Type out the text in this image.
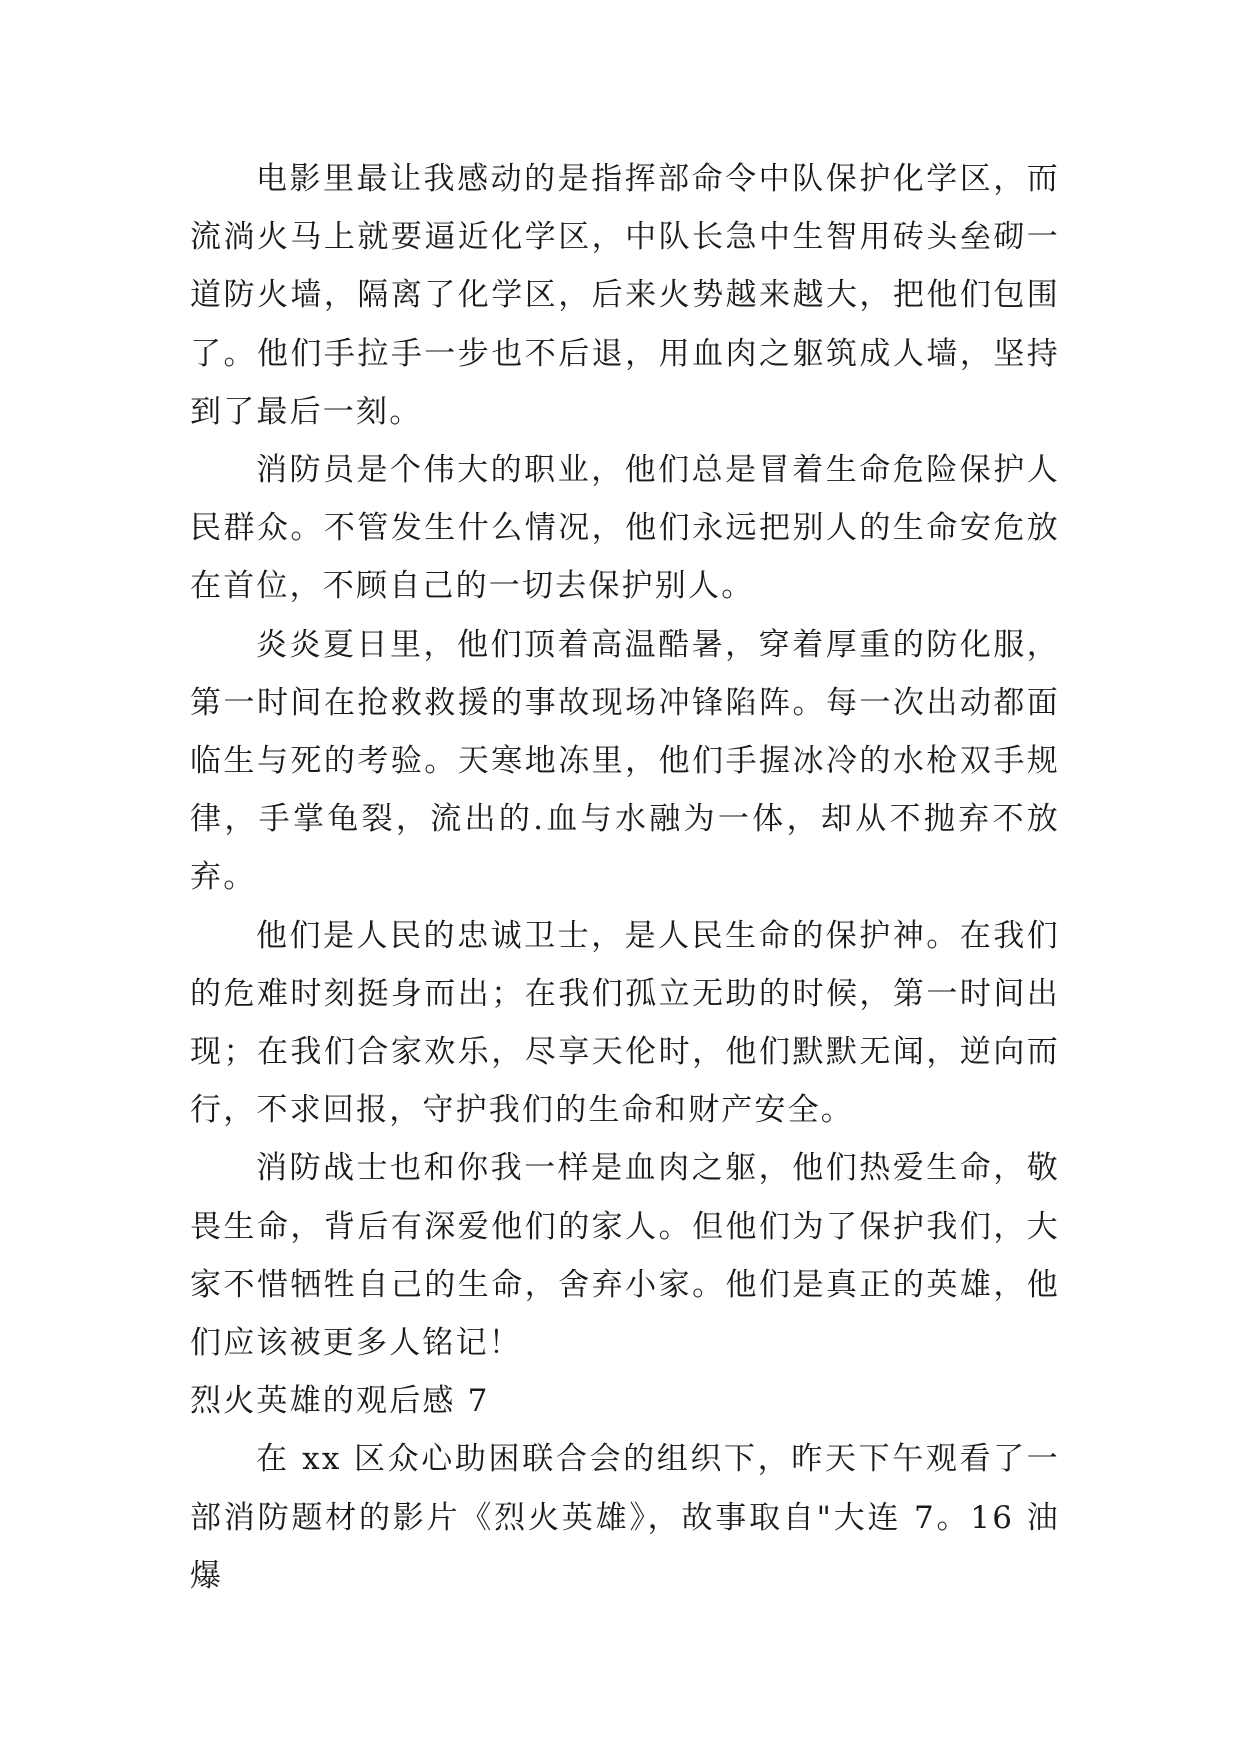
电影里最让我感动的是指挥部命令中队保护化学区，而流淌火马上就要逼近化学区，中队长急中生智用砖头垒砌一道防火墙，隔离了化学区，后来火势越来越大，把他们包围了。他们手拉手一步也不后退，用血肉之躯筑成人墙，坚持到了最后一刻。

消防员是个伟大的职业，他们总是冒着生命危险保护人民群众。不管发生什么情况，他们永远把别人的生命安危放在首位，不顾自己的一切去保护别人。

炎炎夏日里，他们顶着高温酷暑，穿着厚重的防化服，第一时间在抢救救援的事故现场冲锋陷阵。每一次出动都面临生与死的考验。天寒地冻里，他们手握冰冷的水枪双手规律，手掌龟裂，流出的.血与水融为一体，却从不抛弃不放弃。

他们是人民的忠诚卫士，是人民生命的保护神。在我们的危难时刻挺身而出；在我们孤立无助的时候，第一时间出现；在我们合家欢乐，尽享天伦时，他们默默无闻，逆向而行，不求回报，守护我们的生命和财产安全。

消防战士也和你我一样是血肉之躯，他们热爱生命，敬畏生命，背后有深爱他们的家人。但他们为了保护我们，大家不惜牺牲自己的生命，舍弃小家。他们是真正的英雄，他们应该被更多人铭记！

烈火英雄的观后感 7

在 xx 区众心助困联合会的组织下，昨天下午观看了一部消防题材的影片《烈火英雄》，故事取自"大连 7。16 油爆
